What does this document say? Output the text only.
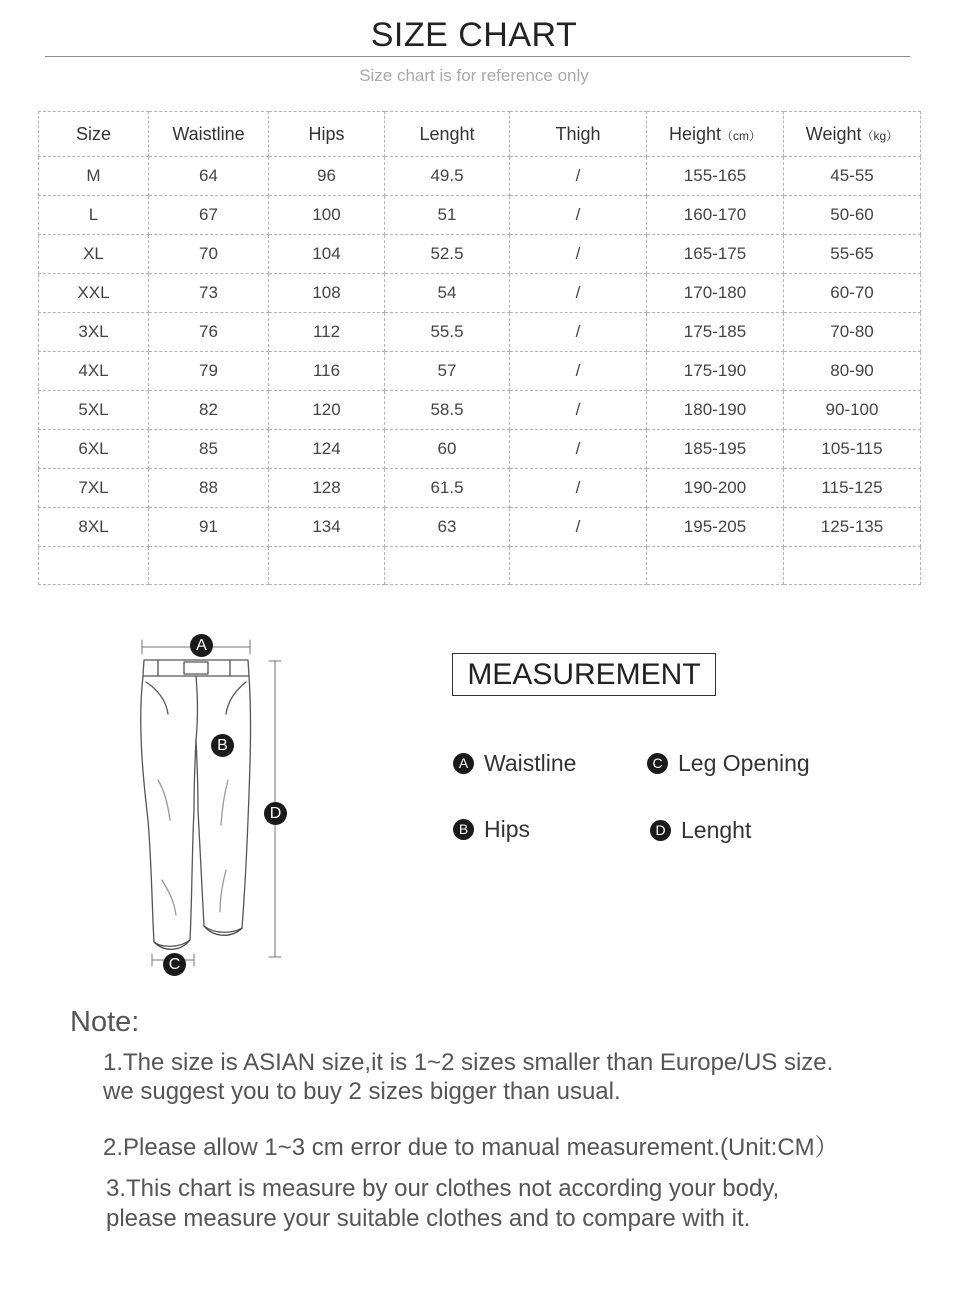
SIZE CHART
Size chart is for reference only
Size	Waistline	Hips	Lenght	Thigh	Height（cm）	Weight（kg）
M	64	96	49.5	/	155-165	45-55
L	67	100	51	/	160-170	50-60
XL	70	104	52.5	/	165-175	55-65
XXL	73	108	54	/	170-180	60-70
3XL	76	112	55.5	/	175-185	70-80
4XL	79	116	57	/	175-190	80-90
5XL	82	120	58.5	/	180-190	90-100
6XL	85	124	60	/	185-195	105-115
7XL	88	128	61.5	/	190-200	115-125
8XL	91	134	63	/	195-205	125-135

A
B
D
C
MEASUREMENT
A Waistline	C Leg Opening
B Hips	D Lenght
Note:
1.The size is ASIAN size,it is 1~2 sizes smaller than Europe/US size.
we suggest you to buy 2 sizes bigger than usual.
2.Please allow 1~3 cm error due to manual measurement.(Unit:CM）
3.This chart is measure by our clothes not according your body,
please measure your suitable clothes and to compare with it.
